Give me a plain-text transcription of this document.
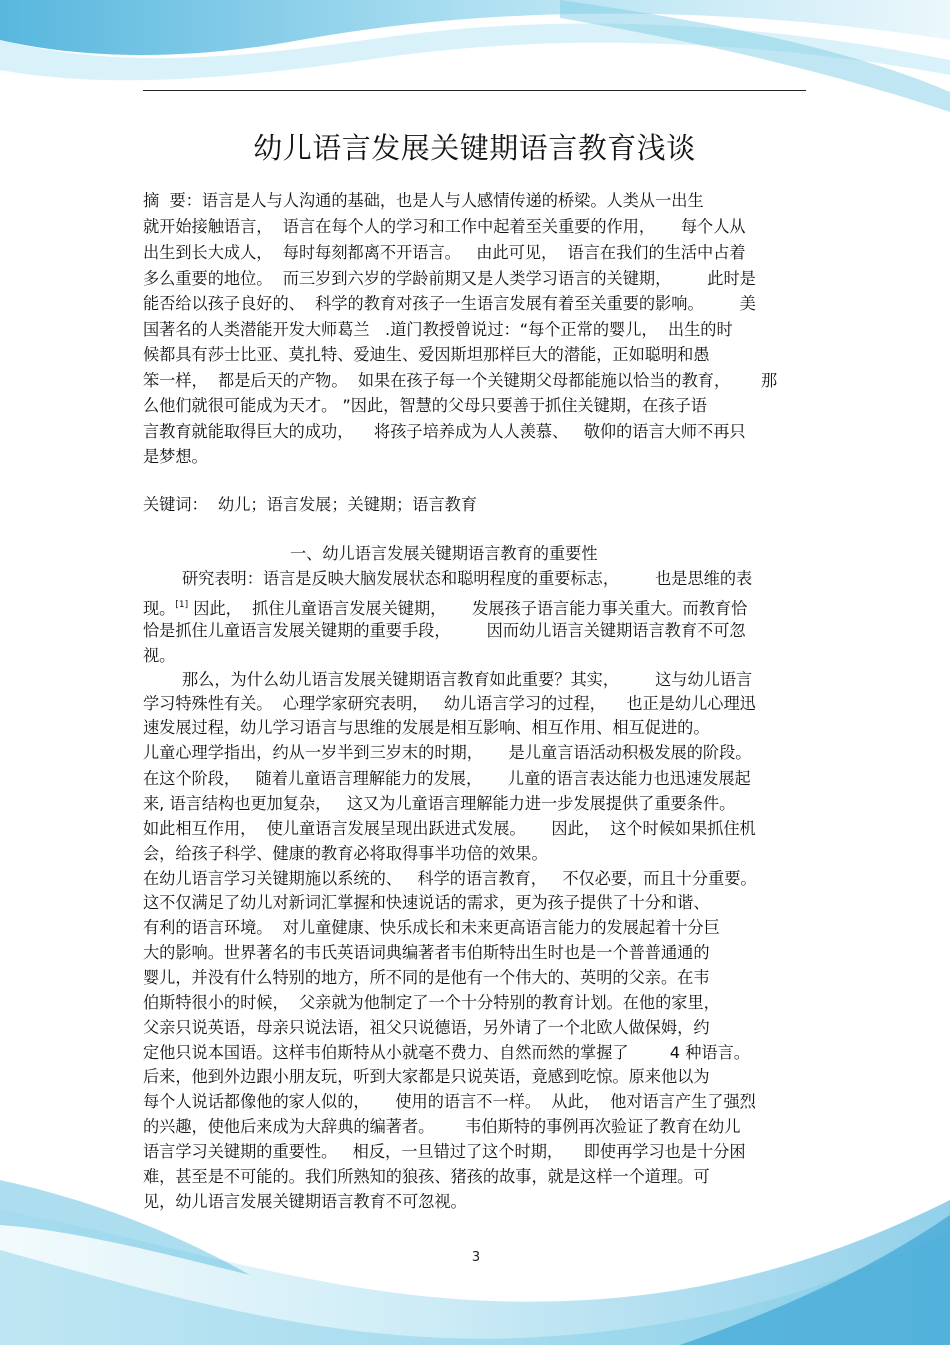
幼儿语言发展关键期语言教育浅谈
摘  要：语言是人与人沟通的基础，也是人与人感情传递的桥梁。人类从一出生
就开始接触语言，  语言在每个人的学习和工作中起着至关重要的作用，     每个人从
出生到长大成人，  每时每刻都离不开语言。   由此可见，  语言在我们的生活中占着
多么重要的地位。  而三岁到六岁的学龄前期又是人类学习语言的关键期，       此时是
能否给以孩子良好的、  科学的教育对孩子一生语言发展有着至关重要的影响。       美
国著名的人类潜能开发大师葛兰   .道门教授曾说过：“每个正常的婴儿，  出生的时
候都具有莎士比亚、莫扎特、爱迪生、爱因斯坦那样巨大的潜能，正如聪明和愚
笨一样，  都是后天的产物。  如果在孩子每一个关键期父母都能施以恰当的教育，      那
么他们就很可能成为天才。 ”因此，智慧的父母只要善于抓住关键期，在孩子语
言教育就能取得巨大的成功，    将孩子培养成为人人羡慕、   敬仰的语言大师不再只
是梦想。
关键词：  幼儿；语言发展；关键期；语言教育
一、幼儿语言发展关键期语言教育的重要性
研究表明：语言是反映大脑发展状态和聪明程度的重要标志，       也是思维的表
现。[1] 因此，  抓住儿童语言发展关键期，     发展孩子语言能力事关重大。而教育恰
恰是抓住儿童语言发展关键期的重要手段，       因而幼儿语言关键期语言教育不可忽
视。
那么，为什么幼儿语言发展关键期语言教育如此重要？其实，       这与幼儿语言
学习特殊性有关。  心理学家研究表明，   幼儿语言学习的过程，    也正是幼儿心理迅
速发展过程，幼儿学习语言与思维的发展是相互影响、相互作用、相互促进的。
儿童心理学指出，约从一岁半到三岁末的时期，     是儿童言语活动积极发展的阶段。
在这个阶段，   随着儿童语言理解能力的发展，     儿童的语言表达能力也迅速发展起
来, 语言结构也更加复杂，   这又为儿童语言理解能力进一步发展提供了重要条件。
如此相互作用，  使儿童语言发展呈现出跃进式发展。     因此，  这个时候如果抓住机
会，给孩子科学、健康的教育必将取得事半功倍的效果。
在幼儿语言学习关键期施以系统的、   科学的语言教育，   不仅必要，而且十分重要。
这不仅满足了幼儿对新词汇掌握和快速说话的需求，更为孩子提供了十分和谐、
有利的语言环境。  对儿童健康、快乐成长和未来更高语言能力的发展起着十分巨
大的影响。世界著名的韦氏英语词典编著者韦伯斯特出生时也是一个普普通通的
婴儿，并没有什么特别的地方，所不同的是他有一个伟大的、英明的父亲。在韦
伯斯特很小的时候，  父亲就为他制定了一个十分特别的教育计划。在他的家里，
父亲只说英语，母亲只说法语，祖父只说德语，另外请了一个北欧人做保姆，约
定他只说本国语。这样韦伯斯特从小就毫不费力、自然而然的掌握了        4 种语言。
后来，他到外边跟小朋友玩，听到大家都是只说英语，竟感到吃惊。原来他以为
每个人说话都像他的家人似的，     使用的语言不一样。  从此，  他对语言产生了强烈
的兴趣，使他后来成为大辞典的编著者。      韦伯斯特的事例再次验证了教育在幼儿
语言学习关键期的重要性。   相反，一旦错过了这个时期，    即使再学习也是十分困
难，甚至是不可能的。我们所熟知的狼孩、猪孩的故事，就是这样一个道理。可
见，幼儿语言发展关键期语言教育不可忽视。
3
